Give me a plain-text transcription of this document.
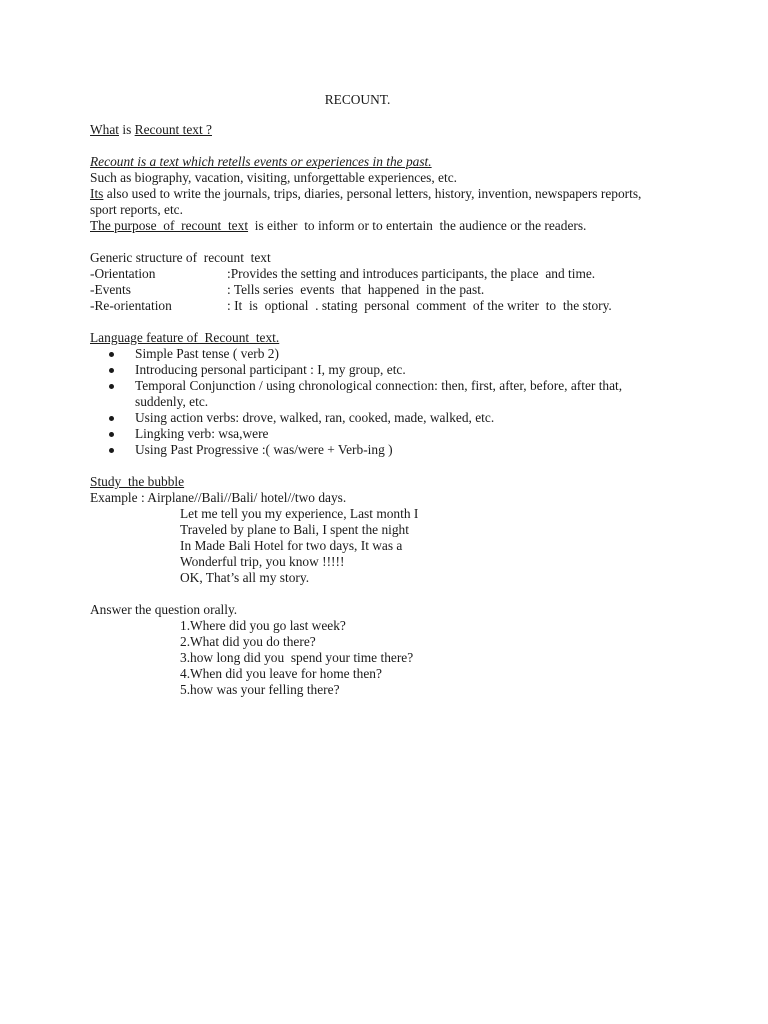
RECOUNT.
What is Recount text ?
Recount is a text which retells events or experiences in the past.
Such as biography, vacation, visiting, unforgettable experiences, etc.
Its also used to write the journals, trips, diaries, personal letters, history, invention, newspapers reports,
sport reports, etc.
The purpose  of  recount  text  is either  to inform or to entertain  the audience or the readers.
Generic structure of  recount  text
-Orientation	:Provides the setting and introduces participants, the place  and time.
-Events	: Tells series  events  that  happened  in the past.
-Re-orientation	: It  is  optional  . stating  personal  comment  of the writer  to  the story.
Language feature of  Recount  text.
Simple Past tense ( verb 2)
Introducing personal participant : I, my group, etc.
Temporal Conjunction / using chronological connection: then, first, after, before, after that, suddenly, etc.
Using action verbs: drove, walked, ran, cooked, made, walked, etc.
Lingking verb: wsa,were
Using Past Progressive :( was/were + Verb-ing )
Study  the bubble
Example : Airplane//Bali//Bali/ hotel//two days.
Let me tell you my experience, Last month I
Traveled by plane to Bali, I spent the night
In Made Bali Hotel for two days, It was a
Wonderful trip, you know !!!!!
OK, That’s all my story.
Answer the question orally.
1.Where did you go last week?
2.What did you do there?
3.how long did you  spend your time there?
4.When did you leave for home then?
5.how was your felling there?
